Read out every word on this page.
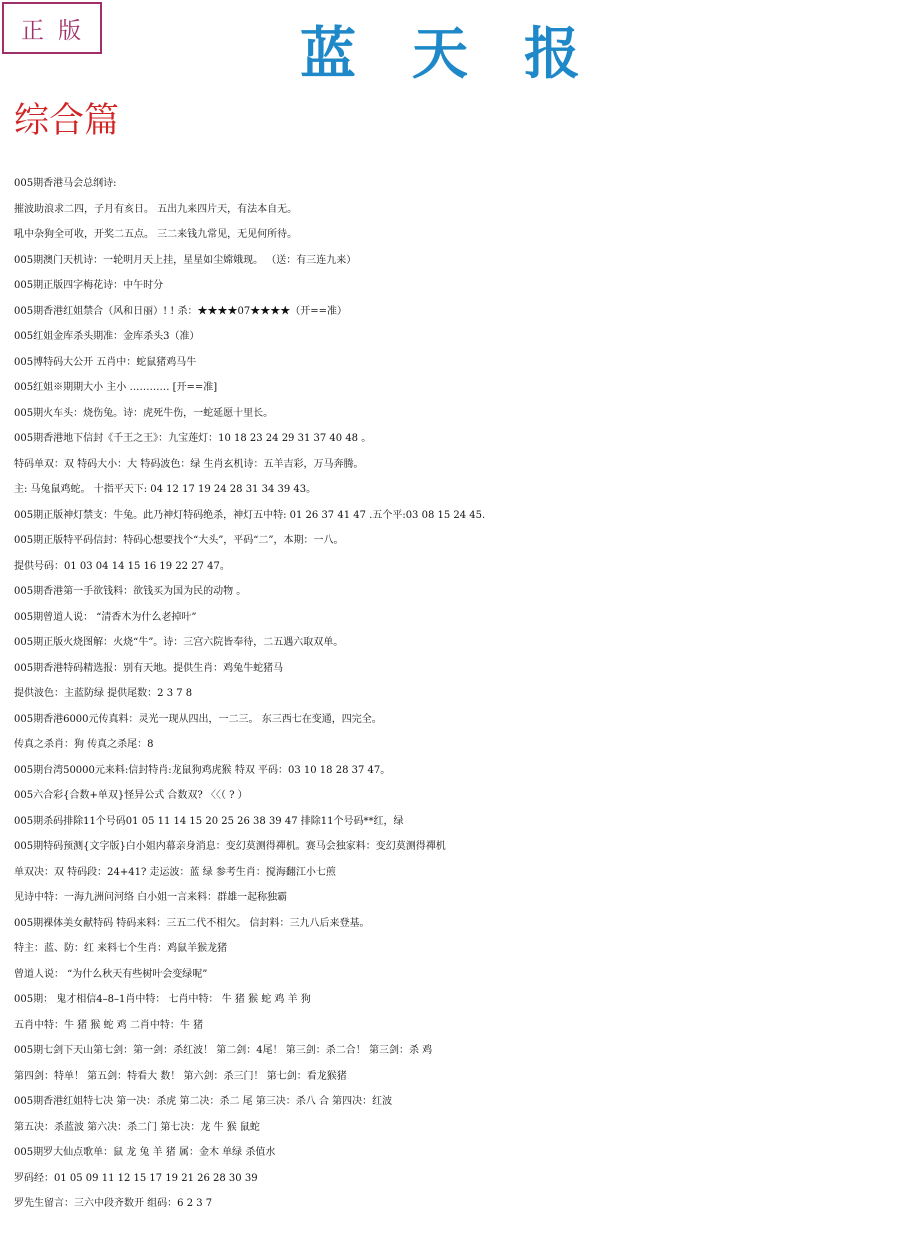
正版	蓝天报
综合篇
005期香港马会总纲诗:
摧波助浪求二四，子月有亥日。 五出九来四片天，有法本自无。
吼中杂狗全可收，开奖二五点。 三二来钱九常见，无见何所待。
005期澳门天机诗：一轮明月天上挂，星星如尘嫦娥现。 （送：有三连九来）
005期正版四字梅花诗：中午时分
005期香港红姐禁合（风和日丽）! ! 杀：★★★★07★★★★（开==准）
005红姐金库杀头期准：金库杀头3（准）
005博特码大公开 五肖中：蛇鼠猪鸡马牛
005红姐※期期大小 主小 ………… [开==准]
005期火车头：烧伤兔。诗：虎死牛伤，一蛇延愿十里长。
005期香港地下信封《千王之王》：九宝莲灯：10 18 23 24 29 31 37 40 48 。
特码单双：双 特码大小：大 特码波色：绿 生肖玄机诗：五羊吉彩，万马奔腾。
主: 马兔鼠鸡蛇。 十指平天下: 04 12 17 19 24 28 31 34 39 43。
005期正版神灯禁支：牛兔。此乃神灯特码绝杀，神灯五中特: 01 26 37 41 47 .五个平:03 08 15 24 45.
005期正版特平码信封：特码心想要找个“大头”，平码“二”，本期：一八。
提供号码：01 03 04 14 15 16 19 22 27 47。
005期香港第一手欲钱料：欲钱买为国为民的动物 。
005期曾道人说： “清香木为什么老掉叶”
005期正版火烧图解：火烧“牛”。诗：三宫六院皆奉待，二五遇六取双单。
005期香港特码精选报：别有天地。提供生肖：鸡兔牛蛇猪马
提供波色：主蓝防绿 提供尾数：2 3 7 8
005期香港6000元传真料：灵光一现从四出，一二三。 东三西七在变通，四完全。
传真之杀肖：狗 传真之杀尾：8
005期台湾50000元来料:信封特肖:龙鼠狗鸡虎猴 特双 平码：03 10 18 28 37 47。
005六合彩{合数+单双}怪异公式 合数双? 〈〈（ ? ）
005期杀码排除11个号码01 05 11 14 15 20 25 26 38 39 47 排除11个号码**红，绿
005期特码预测{文字版}白小姐内幕亲身消息：变幻莫测得禪机。赛马会独家料：变幻莫测得禪机
单双决：双 特码段：24+41? 走运波：蓝 绿 参考生肖：搅海翻江小七煎
见诗中特：一海九洲问河络 白小姐一言来料：群雄一起称独霸
005期裸体美女献特码 特码来料：三五二代不相欠。 信封料：三九八后来登基。
特主：蓝、防：红 来料七个生肖：鸡鼠羊猴龙猪
曾道人说： “为什么秋天有些树叶会变绿呢”
005期： 鬼才相信4–8–1肖中特： 七肖中特： 牛 猪 猴 蛇 鸡 羊 狗
五肖中特：牛 猪 猴 蛇 鸡 二肖中特：牛 猪
005期七剑下天山第七剑：第一剑：杀红波！ 第二剑：4尾！ 第三剑：杀二合！ 第三剑：杀 鸡
第四剑：特单！ 第五剑：特看大 数！ 第六剑：杀三门！ 第七剑：看龙猴猪
005期香港红姐特七决 第一决：杀虎 第二决：杀二 尾 第三决：杀八 合 第四决：红波
第五决：杀蓝波 第六决：杀二门 第七决：龙 牛 猴 鼠蛇
005期罗大仙点歌单：鼠 龙 兔 羊 猪 属：金木 单绿 杀值水
罗码经：01 05 09 11 12 15 17 19 21 26 28 30 39
罗先生留言：三六中段齐数开 组码：6 2 3 7
